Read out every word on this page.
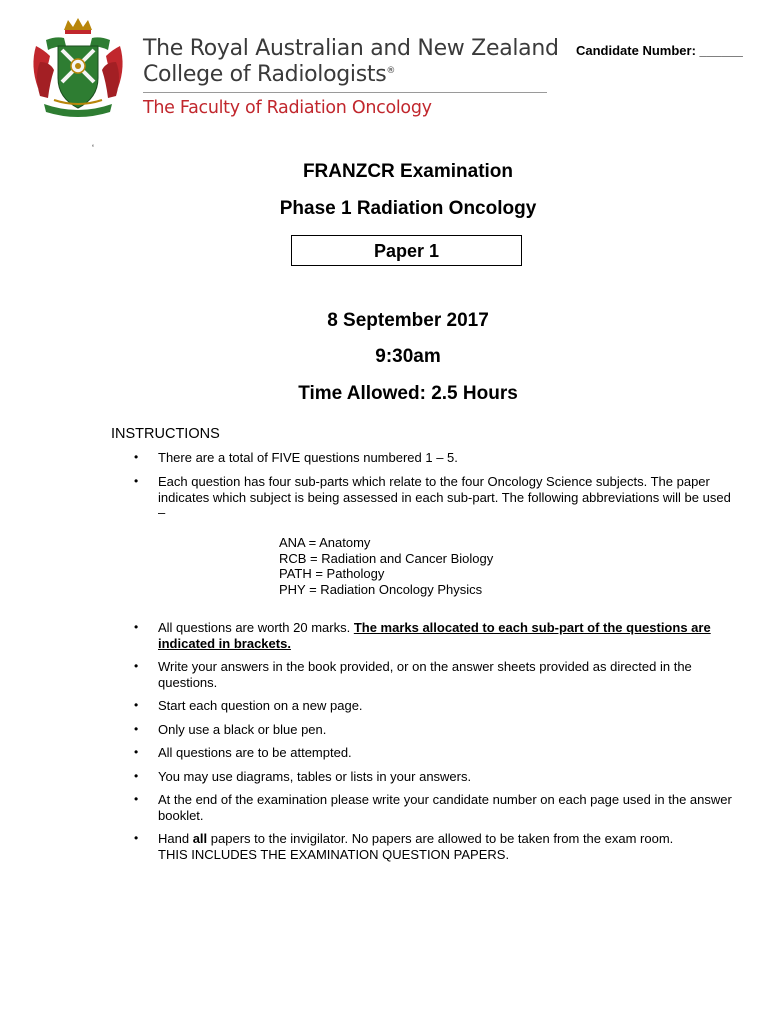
The Royal Australian and New Zealand
College of Radiologists®
The Faculty of Radiation Oncology
Candidate Number: ______
‘
FRANZCR Examination
Phase 1 Radiation Oncology
Paper 1
8 September 2017
9:30am
Time Allowed: 2.5 Hours
INSTRUCTIONS
• There are a total of FIVE questions numbered 1 – 5.
• Each question has four sub-parts which relate to the four Oncology Science subjects. The paper indicates which subject is being assessed in each sub-part. The following abbreviations will be used –
ANA = Anatomy
RCB = Radiation and Cancer Biology
PATH = Pathology
PHY = Radiation Oncology Physics
• All questions are worth 20 marks. The marks allocated to each sub-part of the questions are indicated in brackets.
• Write your answers in the book provided, or on the answer sheets provided as directed in the questions.
• Start each question on a new page.
• Only use a black or blue pen.
• All questions are to be attempted.
• You may use diagrams, tables or lists in your answers.
• At the end of the examination please write your candidate number on each page used in the answer booklet.
• Hand all papers to the invigilator. No papers are allowed to be taken from the exam room.
THIS INCLUDES THE EXAMINATION QUESTION PAPERS.
